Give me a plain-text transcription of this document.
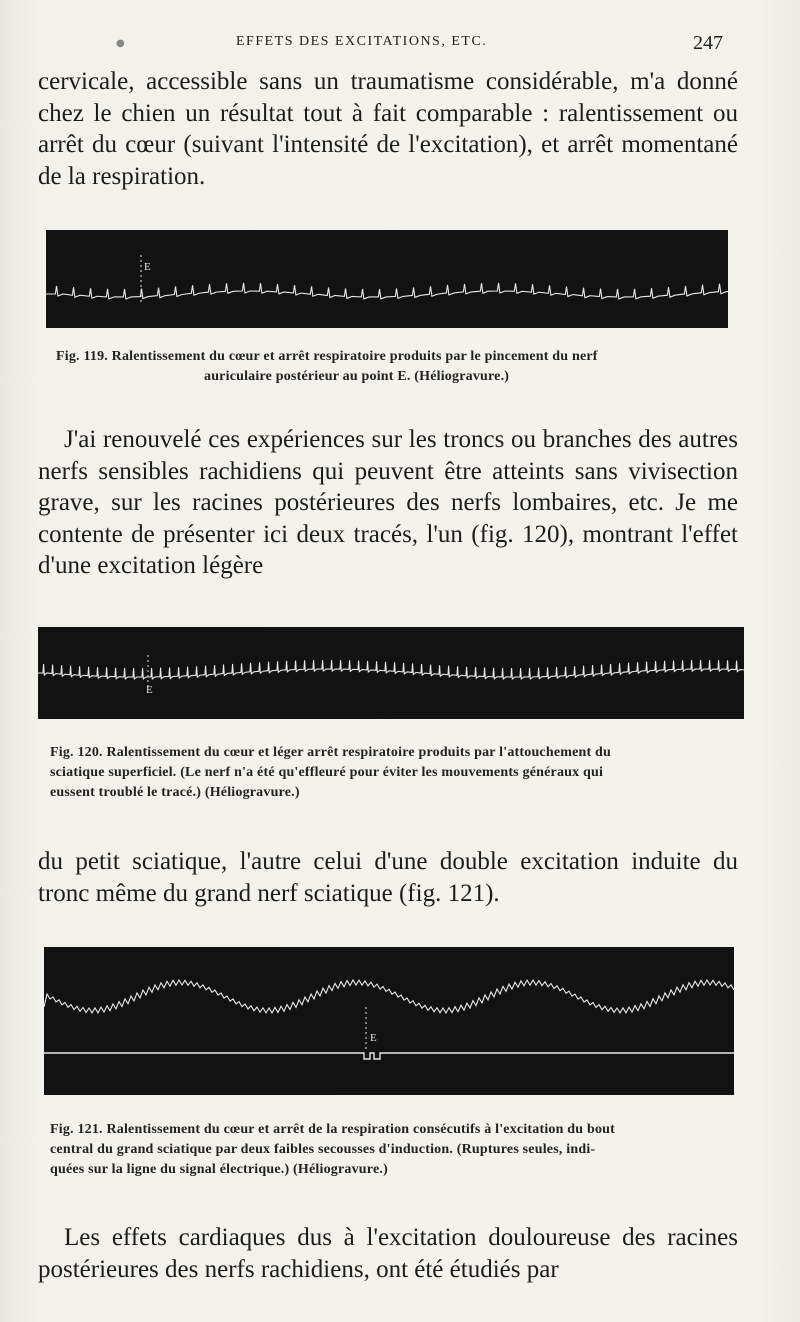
●	EFFETS DES EXCITATIONS, ETC.	247

cervicale, accessible sans un traumatisme considérable, m'a donné chez le chien un résultat tout à fait comparable : ralentissement ou arrêt du cœur (suivant l'intensité de l'excitation), et arrêt momentané de la respiration.

E

Fig. 119. Ralentissement du cœur et arrêt respiratoire produits par le pincement du nerf
auriculaire postérieur au point E. (Héliogravure.)

J'ai renouvelé ces expériences sur les troncs ou branches des autres nerfs sensibles rachidiens qui peuvent être atteints sans vivisection grave, sur les racines postérieures des nerfs lombaires, etc. Je me contente de présenter ici deux tracés, l'un (fig. 120), montrant l'effet d'une excitation légère

E

Fig. 120. Ralentissement du cœur et léger arrêt respiratoire produits par l'attouchement du
sciatique superficiel. (Le nerf n'a été qu'effleuré pour éviter les mouvements généraux qui
eussent troublé le tracé.) (Héliogravure.)

du petit sciatique, l'autre celui d'une double excitation induite du tronc même du grand nerf sciatique (fig. 121).

E

Fig. 121. Ralentissement du cœur et arrêt de la respiration consécutifs à l'excitation du bout
central du grand sciatique par deux faibles secousses d'induction. (Ruptures seules, indi-
quées sur la ligne du signal électrique.) (Héliogravure.)

Les effets cardiaques dus à l'excitation douloureuse des racines postérieures des nerfs rachidiens, ont été étudiés par
